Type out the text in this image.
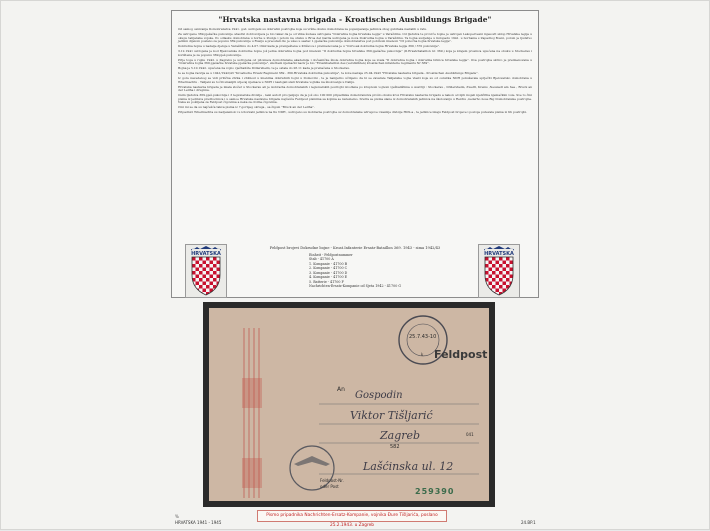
"Hrvatska nastavna brigada - Kroatischen Ausbildungs Brigade"

Od samog osnivanja Domobranstva 1941. god. ustrojeni su dokrudni postrojbe koje su vršile obuku domobrana za popunjavanje jedinica zbog gubitaka nastalih u ratu.

Za ustrojene 369.pješačke pukovnije odaslivi dobrovoljaca je bio takav da je od vlika šudesa ustrojena "Dokrudna bojna hrvatske legije" u Varaždinu. Od ljudstva te provrće bojne je ustrojen Lakopervesni mjesovit sklop Hrvatske legije u okupu talijanske vojske. Po odlasku domobrana u borbe u Posnju i potom na obuku u Broa del Garda ustrojena je nova Dokrudna bojna u Varaždinu. Ta bojna sudjeluje u listopadu 1941. u borbama s Zapadnoj Bosni, potom je ljudstvo jednim dijelom poslano za popunu 369.pukovnije u Rusiju a preostali dio je ušao u sastav 1.pješačke pukovnije domobranstva pod pobinom imenom "III pobočna bojna hrvatske legije".

Dokrudna bojna u nadalje djeluje u Varaždinu do 4.07.1942 kada je premještena u Križevce i preimenovana je u "Ozrvoak dokrudna bojna Hrvatske legije 369 / 370 pukovnije".

3.12.1941 ustrojena je kod Bjelovarske dokrudne bojne još jedna dokrudna bojna pod imenom "II dokrudna bojna hrvatske 369.pješačke pukovnije" (II.Ersatzbataillon nr. 369.) koja je krajem prosinca upućena na obuku u Stockerau i korištena je za popunu 369.pješ.pukovnije.

Prije toga u rujnu 1942. u Zagrebu je ustrojena od pitomaca domobranske akademije i dočasničke škole dokrudna bojna koja se zvala "II dokrudna bojna i dokrudna bitnica hrvatske legije". Ova postrojba skrivo je preimenovana u "Dokrudna bojna 369.pješačke hrvatske pješačke pukovnije", službeni njemački naziv je bio "Ersatzbataillon des (verstärkten) kroatischen infanterie regiments Nr 369".

Bojna je 5.10.1942. upućena na vojno vježbalište Döllersheim, te je ostala do 28.11 kada je prebačena u Stockerau.

Ie se bojna razvija se u 1941/1942/43 "Kroatische Ersatz Regiment 369 - 369.Hrvatska dokrudna pukovnija", te kote nastaje 25.04.1943 "Hrvatska nastavna brigada - Kroatischen Ausbildungs Brigade".

Iz gore navedenog se vidi prilična zbrka i zbilnost u imenima dokrudnih bojni u Domovini , te je namjerno učinjeno da bi se zavarale Talijanske vojne vlasti koje su od osnutka NDH pokušavale sprječiti Bjelovarsko domobrana u Whermachtu . Talijani su točili smanjiti utjecaj njemaca u NDH i nastojali slati hrvatske vojnike na školovanju u Italiju.

Hrvatska nastavna brigada je imala stožer u Stockerau ali je izobrazba domobranskih i legionarskih postrojbi izvođena po krupnom vojnom vježbalištima u Austriji : Stockerau , Döllersheim, Zwettl, Krems ,Neusiedl am See , Bruck an der Leitha i drugima.

Osim ljudstva 369.pješ.pukovnije i 3 legionarske divizije , neki autori procjenjuju da je još oko 100 000 pripadnika domobranstva prošlo obuku kroz Hrvatsku nastavnu brigadu a nakon od njih mojeli njeličitha njemačkim vole. Sve to čini pisma iz jedinica predbocimca i u samoe Hrvatske nastavne brigade najčešće Feldpost pismima sa kojima se nareziemo. Sretra se pisma slane iz domobranskih jedinica na školovanju u Reichu ,nederho nose Big Domobranske postrojbe. Neka su pošiljena za Feldpost čigovima a neka za civilne čigovima.

Cini mi se da su najčešća takva pisma iz 7.gornjeg okruga , sa žigom "Bruck an der Leitha".

Pripadnici Whermachta su nadjeleniok i u izborzabi jedinica na tlu NDH , ustrojeno su izobrazne postrojbe uz domobranske udrugove i kasnije divizije HOS-a , te jedinice imaju Feldpost brojeve i postoje putevala pisma iz tih postrojbi.

HRVATSKA	HRVATSKA
Feldpost brojevi Dokrudne bojne - Kroat.Infanterie Ersatz-Bataillon 369. 1943 - sima 1942/43
Einheit - Feldpostnummer
Stab - 41700 A
1. Kompanie - 41700 B
2. Kompanie - 41700 C
3. Kompanie - 41700 D
4. Kompanie - 41700 E
5. Batterie - 41700 F
Nachrichten-Ersatz-Kompanie od Sjeta 1942 - 41700 G
25.7.43-10
k. Feldpost
An
Feldpost-Nr.
oder Post
582
041
259390
Gospodin
Viktor Tišljarić
Zagreb
Lašćinska ul. 12
Pismo pripadnika Nachrichten-Ersatz-Kompanie, vojnika Đure Tišljarića, poslano 25.2.1943. u Zagreb
%
HRVATSKA 1941 - 1945	24.BP.1
